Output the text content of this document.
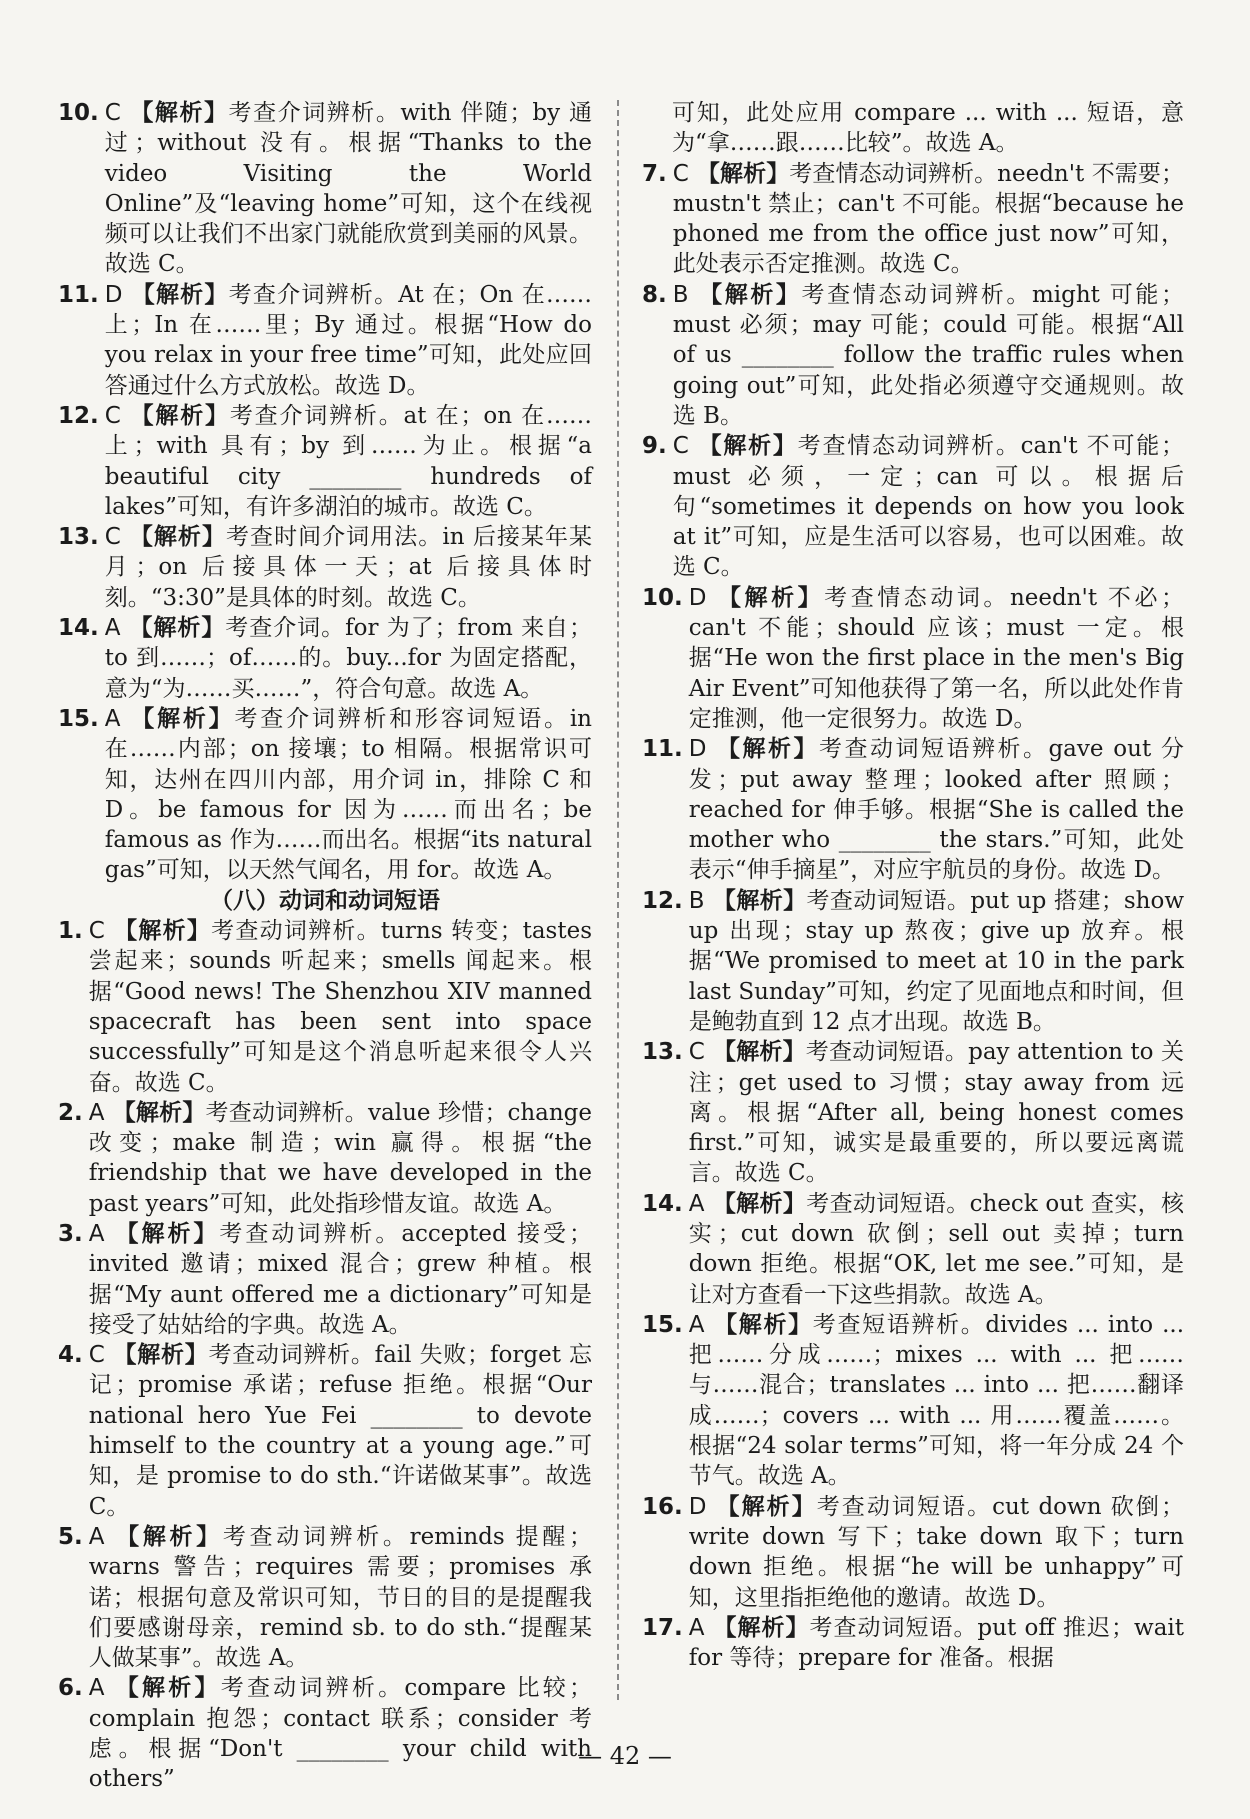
10. C 【解析】考查介词辨析。with 伴随；by 通过；without 没有。根据“Thanks to the video Visiting the World Online”及“leaving home”可知，这个在线视频可以让我们不出家门就能欣赏到美丽的风景。故选 C。

11. D 【解析】考查介词辨析。At 在；On 在……上；In 在……里；By 通过。根据“How do you relax in your free time”可知，此处应回答通过什么方式放松。故选 D。

12. C 【解析】考查介词辨析。at 在；on 在……上；with 具有；by 到……为止。根据“a beautiful city ________ hundreds of lakes”可知，有许多湖泊的城市。故选 C。

13. C 【解析】考查时间介词用法。in 后接某年某月；on 后接具体一天；at 后接具体时刻。“3:30”是具体的时刻。故选 C。

14. A 【解析】考查介词。for 为了；from 来自；to 到……；of……的。buy...for 为固定搭配，意为“为……买……”，符合句意。故选 A。

15. A 【解析】考查介词辨析和形容词短语。in 在……内部；on 接壤；to 相隔。根据常识可知，达州在四川内部，用介词 in，排除 C 和 D。be famous for 因为……而出名；be famous as 作为……而出名。根据“its natural gas”可知，以天然气闻名，用 for。故选 A。

（八）动词和动词短语

1. C 【解析】考查动词辨析。turns 转变；tastes 尝起来；sounds 听起来；smells 闻起来。根据“Good news! The Shenzhou XIV manned spacecraft has been sent into space successfully”可知是这个消息听起来很令人兴奋。故选 C。

2. A 【解析】考查动词辨析。value 珍惜；change 改变；make 制造；win 赢得。根据“the friendship that we have developed in the past years”可知，此处指珍惜友谊。故选 A。

3. A 【解析】考查动词辨析。accepted 接受；invited 邀请；mixed 混合；grew 种植。根据“My aunt offered me a dictionary”可知是接受了姑姑给的字典。故选 A。

4. C 【解析】考查动词辨析。fail 失败；forget 忘记；promise 承诺；refuse 拒绝。根据“Our national hero Yue Fei ________ to devote himself to the country at a young age.”可知，是 promise to do sth.“许诺做某事”。故选 C。

5. A 【解析】考查动词辨析。reminds 提醒；warns 警告；requires 需要；promises 承诺；根据句意及常识可知，节日的目的是提醒我们要感谢母亲，remind sb. to do sth.“提醒某人做某事”。故选 A。

6. A 【解析】考查动词辨析。compare 比较；complain 抱怨；contact 联系；consider 考虑。根据“Don't ________ your child with others”

可知，此处应用 compare ... with ... 短语，意为“拿……跟……比较”。故选 A。

7. C 【解析】考查情态动词辨析。needn't 不需要；mustn't 禁止；can't 不可能。根据“because he phoned me from the office just now”可知，此处表示否定推测。故选 C。

8. B 【解析】考查情态动词辨析。might 可能；must 必须；may 可能；could 可能。根据“All of us ________ follow the traffic rules when going out”可知，此处指必须遵守交通规则。故选 B。

9. C 【解析】考查情态动词辨析。can't 不可能；must 必须，一定；can 可以。根据后句“sometimes it depends on how you look at it”可知，应是生活可以容易，也可以困难。故选 C。

10. D 【解析】考查情态动词。needn't 不必；can't 不能；should 应该；must 一定。根据“He won the first place in the men's Big Air Event”可知他获得了第一名，所以此处作肯定推测，他一定很努力。故选 D。

11. D 【解析】考查动词短语辨析。gave out 分发；put away 整理；looked after 照顾；reached for 伸手够。根据“She is called the mother who ________ the stars.”可知，此处表示“伸手摘星”，对应宇航员的身份。故选 D。

12. B 【解析】考查动词短语。put up 搭建；show up 出现；stay up 熬夜；give up 放弃。根据“We promised to meet at 10 in the park last Sunday”可知，约定了见面地点和时间，但是鲍勃直到 12 点才出现。故选 B。

13. C 【解析】考查动词短语。pay attention to 关注；get used to 习惯；stay away from 远离。根据“After all, being honest comes first.”可知，诚实是最重要的，所以要远离谎言。故选 C。

14. A 【解析】考查动词短语。check out 查实，核实；cut down 砍倒；sell out 卖掉；turn down 拒绝。根据“OK, let me see.”可知，是让对方查看一下这些捐款。故选 A。

15. A 【解析】考查短语辨析。divides ... into ... 把……分成……；mixes ... with ... 把……与……混合；translates ... into ... 把……翻译成……；covers ... with ... 用……覆盖……。根据“24 solar terms”可知，将一年分成 24 个节气。故选 A。

16. D 【解析】考查动词短语。cut down 砍倒；write down 写下；take down 取下；turn down 拒绝。根据“he will be unhappy”可知，这里指拒绝他的邀请。故选 D。

17. A 【解析】考查动词短语。put off 推迟；wait for 等待；prepare for 准备。根据

— 42 —
